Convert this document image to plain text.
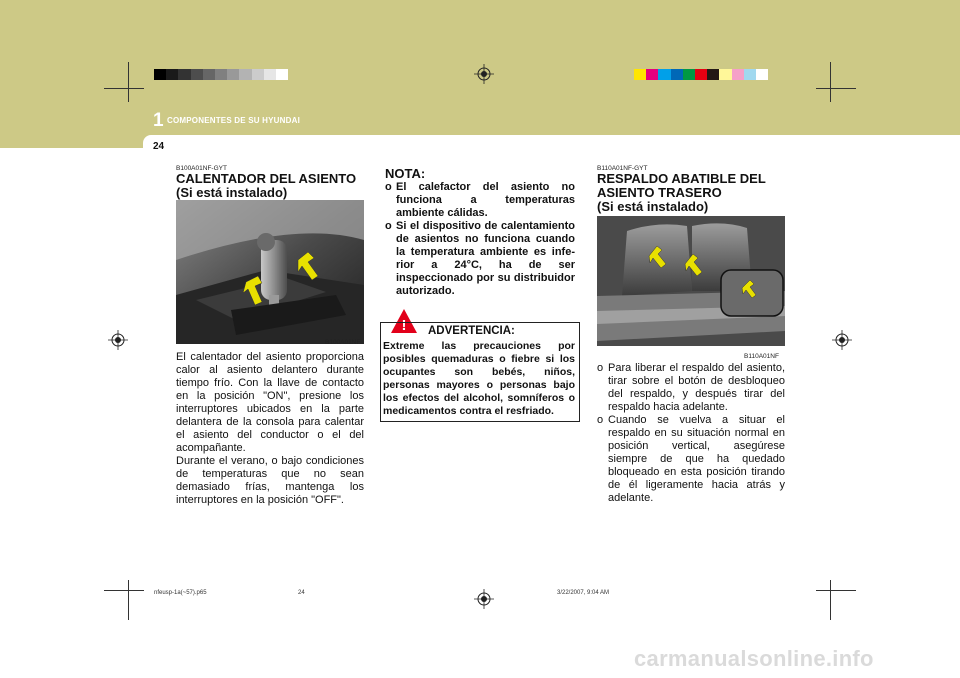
1 COMPONENTES DE SU HYUNDAI
24
B100A01NF-GYT
CALENTADOR DEL ASIENTO
(Si está instalado)
B100A01NF
El calentador del asiento proporciona calor al asiento delantero durante tiempo frío. Con la llave de contacto en la posición "ON", presione los interruptores ubicados en la parte delantera de la consola para calentar el asiento del conductor o el del acompañante.
Durante el verano, o bajo condiciones de temperaturas que no sean demasiado frías, mantenga los interruptores en la posición "OFF".
NOTA:
o El calefactor del asiento no funciona a temperaturas ambiente cálidas.
o Si el dispositivo de calentamiento de asientos no funciona cuando la temperatura ambiente es infe-rior a 24°C, ha de ser inspeccionado por su distribuidor autorizado.
! ADVERTENCIA:
Extreme las precauciones por posibles quemaduras o fiebre si los ocupantes son bebés, niños, personas mayores o personas bajo los efectos del alcohol, somníferos o medicamentos contra el resfriado.
B110A01NF-GYT
RESPALDO ABATIBLE DEL
ASIENTO TRASERO
(Si está instalado)
B110A01NF
o Para liberar el respaldo del asiento, tirar sobre el botón de desbloqueo del respaldo, y después tirar del respaldo hacia adelante.
o Cuando se vuelva a situar el respaldo en su situación normal en posición vertical, asegúrese siempre de que ha quedado bloqueado en esta posición tirando de él ligeramente hacia atrás y adelante.
nfeusp-1a(~57).p65	24	3/22/2007, 9:04 AM
carmanualsonline.info
